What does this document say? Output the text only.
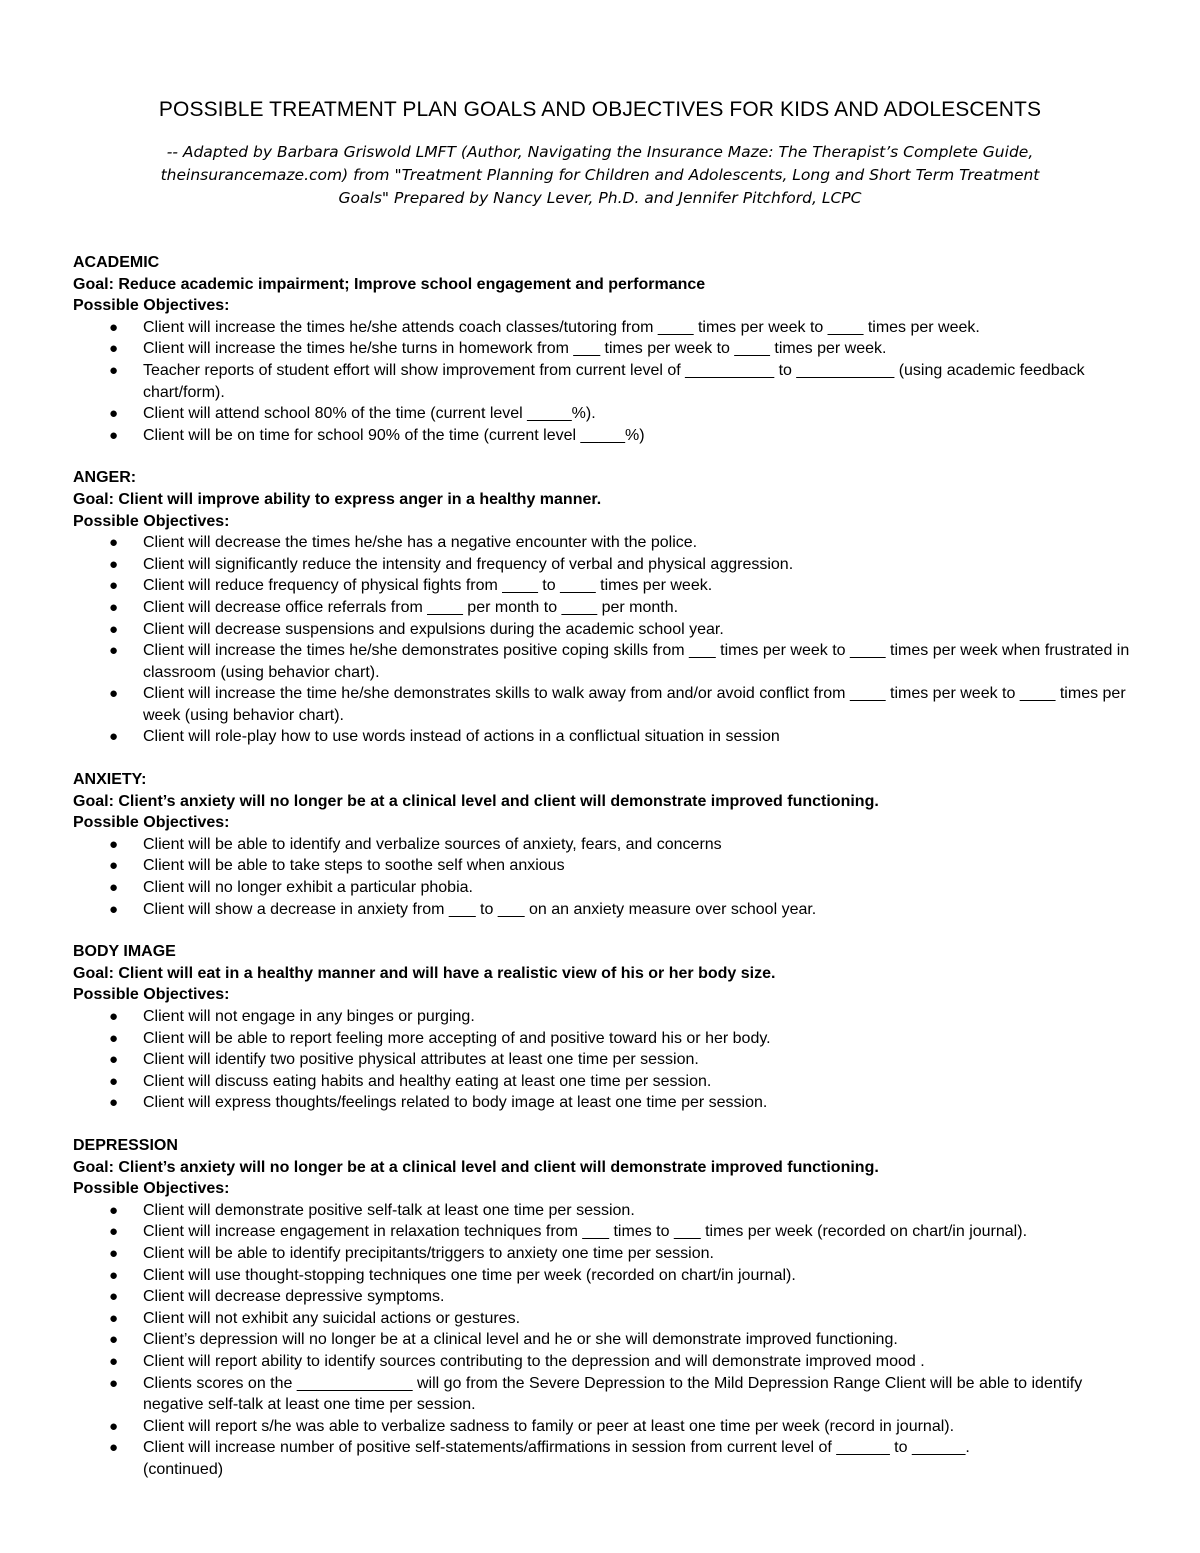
POSSIBLE TREATMENT PLAN GOALS AND OBJECTIVES FOR KIDS AND ADOLESCENTS
-- Adapted by Barbara Griswold LMFT (Author, Navigating the Insurance Maze: The Therapist’s Complete Guide, theinsurancemaze.com) from "Treatment Planning for Children and Adolescents, Long and Short Term Treatment Goals" Prepared by Nancy Lever, Ph.D. and Jennifer Pitchford, LCPC
ACADEMIC
Goal: Reduce academic impairment; Improve school engagement and performance
Possible Objectives:
● Client will increase the times he/she attends coach classes/tutoring from ____ times per week to ____ times per week.
● Client will increase the times he/she turns in homework from ___ times per week to ____ times per week.
● Teacher reports of student effort will show improvement from current level of __________ to ___________ (using academic feedback chart/form).
● Client will attend school 80% of the time (current level _____%).
● Client will be on time for school 90% of the time (current level _____%)
ANGER:
Goal: Client will improve ability to express anger in a healthy manner.
Possible Objectives:
● Client will decrease the times he/she has a negative encounter with the police.
● Client will significantly reduce the intensity and frequency of verbal and physical aggression.
● Client will reduce frequency of physical fights from ____ to ____ times per week.
● Client will decrease office referrals from ____ per month to ____ per month.
● Client will decrease suspensions and expulsions during the academic school year.
● Client will increase the times he/she demonstrates positive coping skills from ___ times per week to ____ times per week when frustrated in classroom (using behavior chart).
● Client will increase the time he/she demonstrates skills to walk away from and/or avoid conflict from ____ times per week to ____ times per week (using behavior chart).
● Client will role-play how to use words instead of actions in a conflictual situation in session
ANXIETY:
Goal: Client’s anxiety will no longer be at a clinical level and client will demonstrate improved functioning.
Possible Objectives:
● Client will be able to identify and verbalize sources of anxiety, fears, and concerns
● Client will be able to take steps to soothe self when anxious
● Client will no longer exhibit a particular phobia.
● Client will show a decrease in anxiety from ___ to ___ on an anxiety measure over school year.
BODY IMAGE
Goal: Client will eat in a healthy manner and will have a realistic view of his or her body size.
Possible Objectives:
● Client will not engage in any binges or purging.
● Client will be able to report feeling more accepting of and positive toward his or her body.
● Client will identify two positive physical attributes at least one time per session.
● Client will discuss eating habits and healthy eating at least one time per session.
● Client will express thoughts/feelings related to body image at least one time per session.
DEPRESSION
Goal: Client’s anxiety will no longer be at a clinical level and client will demonstrate improved functioning.
Possible Objectives:
● Client will demonstrate positive self-talk at least one time per session.
● Client will increase engagement in relaxation techniques from ___ times to ___ times per week (recorded on chart/in journal).
● Client will be able to identify precipitants/triggers to anxiety one time per session.
● Client will use thought-stopping techniques one time per week (recorded on chart/in journal).
● Client will decrease depressive symptoms.
● Client will not exhibit any suicidal actions or gestures.
● Client’s depression will no longer be at a clinical level and he or she will demonstrate improved functioning.
● Client will report ability to identify sources contributing to the depression and will demonstrate improved mood .
● Clients scores on the _____________ will go from the Severe Depression to the Mild Depression Range Client will be able to identify negative self-talk at least one time per session.
● Client will report s/he was able to verbalize sadness to family or peer at least one time per week (record in journal).
● Client will increase number of positive self-statements/affirmations in session from current level of ______ to ______.
(continued)
